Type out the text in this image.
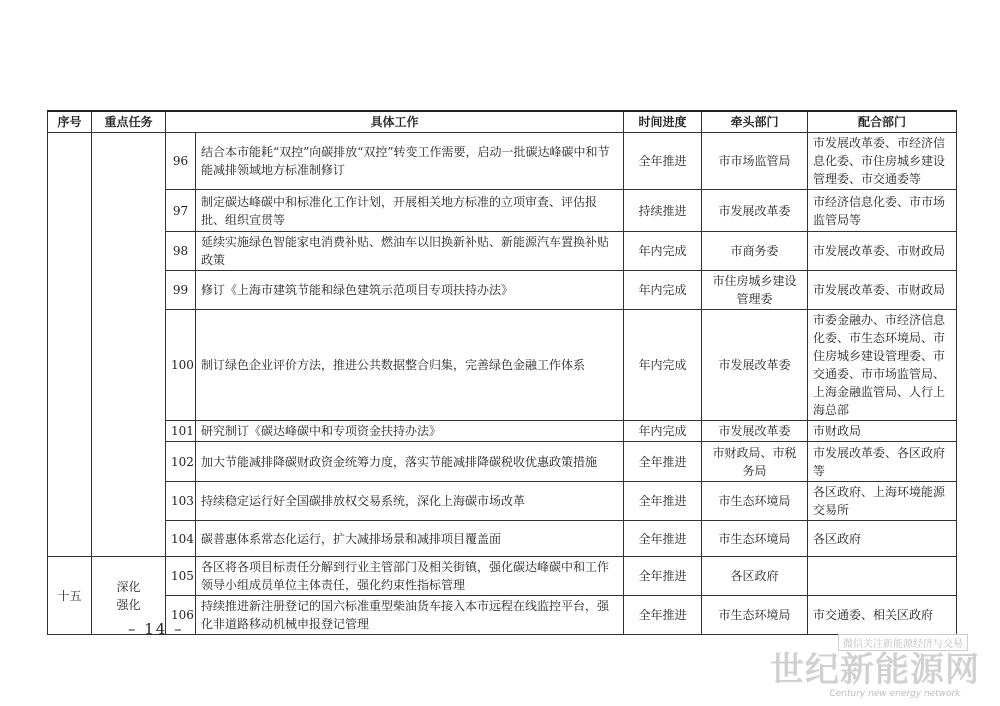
序号	重点任务	具体工作		时间进度	牵头部门	配合部门
		96	结合本市能耗“双控”向碳排放“双控”转变工作需要，启动一批碳达峰碳中和节能减排领域地方标准制修订	全年推进	市市场监管局	市发展改革委、市经济信息化委、市住房城乡建设管理委、市交通委等
		97	制定碳达峰碳中和标准化工作计划，开展相关地方标准的立项审查、评估报批、组织宣贯等	持续推进	市发展改革委	市经济信息化委、市市场监管局等
		98	延续实施绿色智能家电消费补贴、燃油车以旧换新补贴、新能源汽车置换补贴政策	年内完成	市商务委	市发展改革委、市财政局
		99	修订《上海市建筑节能和绿色建筑示范项目专项扶持办法》	年内完成	市住房城乡建设管理委	市发展改革委、市财政局
		100	制订绿色企业评价方法，推进公共数据整合归集，完善绿色金融工作体系	年内完成	市发展改革委	市委金融办、市经济信息化委、市生态环境局、市住房城乡建设管理委、市交通委、市市场监管局、上海金融监管局、人行上海总部
		101	研究制订《碳达峰碳中和专项资金扶持办法》	年内完成	市发展改革委	市财政局
		102	加大节能减排降碳财政资金统筹力度，落实节能减排降碳税收优惠政策措施	全年推进	市财政局、市税务局	市发展改革委、各区政府等
		103	持续稳定运行好全国碳排放权交易系统，深化上海碳市场改革	全年推进	市生态环境局	各区政府、上海环境能源交易所
		104	碳普惠体系常态化运行，扩大减排场景和减排项目覆盖面	全年推进	市生态环境局	各区政府
十五	深化强化	105	各区将各项目标责任分解到行业主管部门及相关街镇，强化碳达峰碳中和工作领导小组成员单位主体责任，强化约束性指标管理	全年推进	各区政府	
		106	持续推进新注册登记的国六标准重型柴油货车接入本市远程在线监控平台，强化非道路移动机械申报登记管理	全年推进	市生态环境局	市交通委、相关区政府
– 14 –
微信关注新能源经济与交易
世纪新能源网
Century new energy network
